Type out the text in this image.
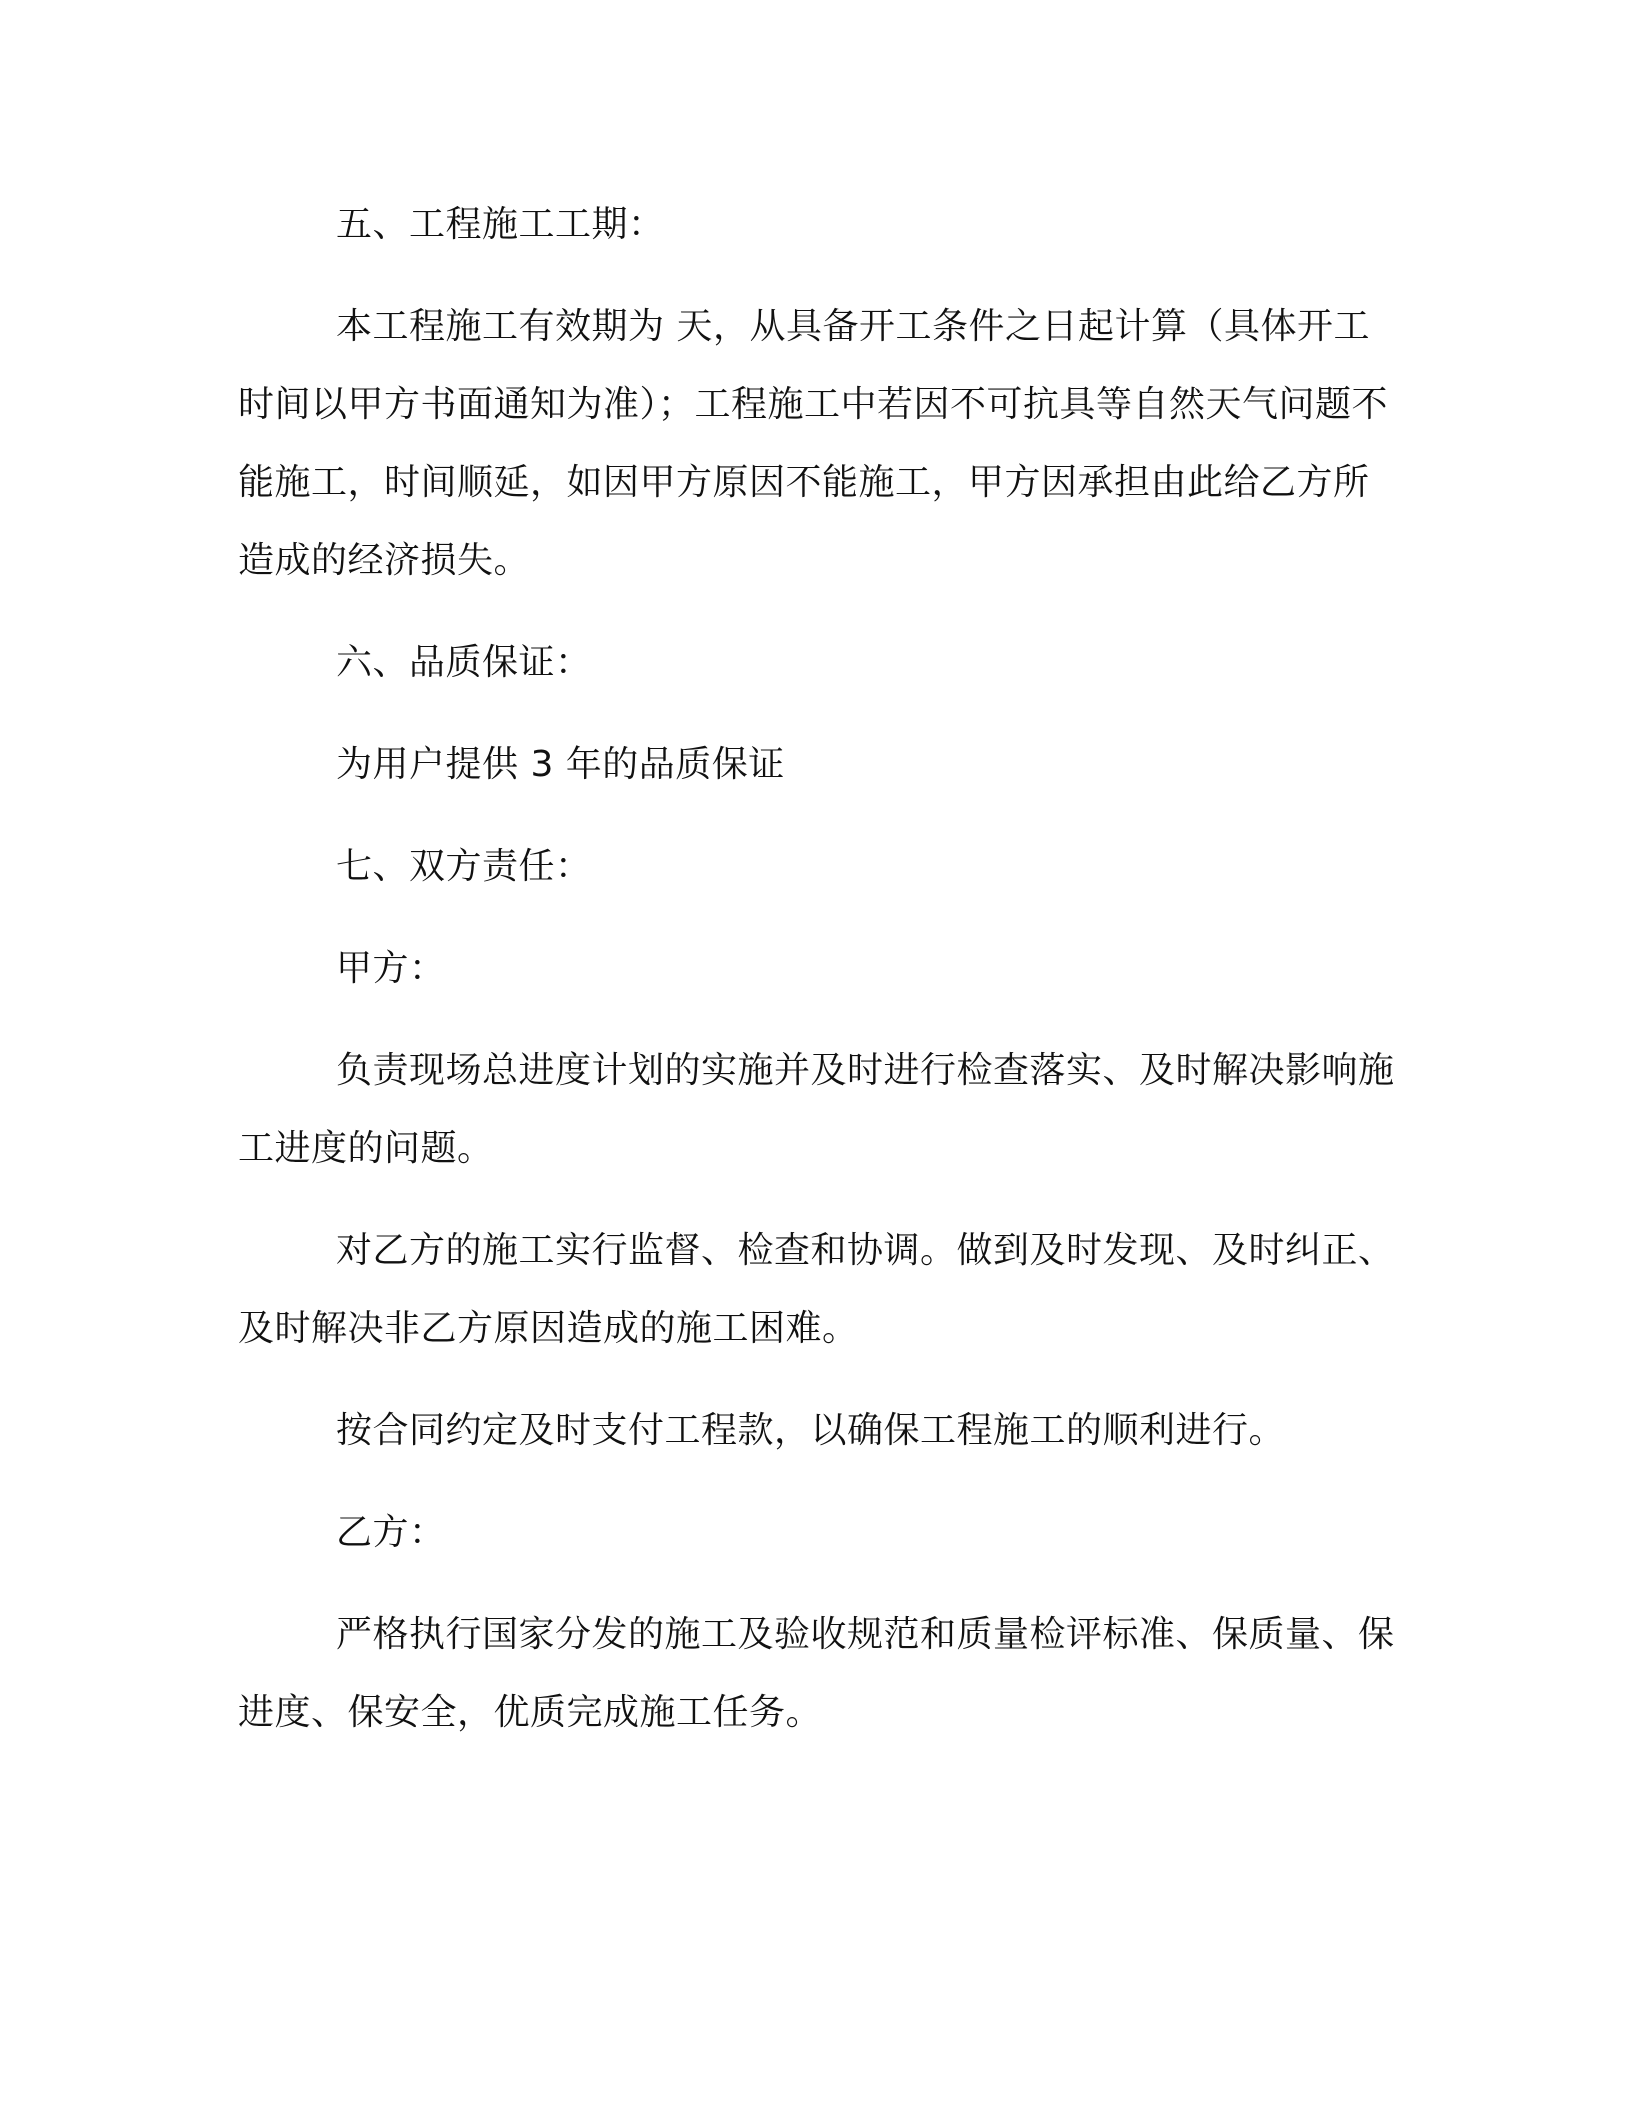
五、工程施工工期：

本工程施工有效期为 天，从具备开工条件之日起计算（具体开工时间以甲方书面通知为准）；工程施工中若因不可抗具等自然天气问题不能施工，时间顺延，如因甲方原因不能施工，甲方因承担由此给乙方所造成的经济损失。

六、品质保证：

为用户提供 3 年的品质保证

七、双方责任：

甲方：

负责现场总进度计划的实施并及时进行检查落实、及时解决影响施工进度的问题。

对乙方的施工实行监督、检查和协调。做到及时发现、及时纠正、及时解决非乙方原因造成的施工困难。

按合同约定及时支付工程款，以确保工程施工的顺利进行。

乙方：

严格执行国家分发的施工及验收规范和质量检评标准、保质量、保进度、保安全，优质完成施工任务。
